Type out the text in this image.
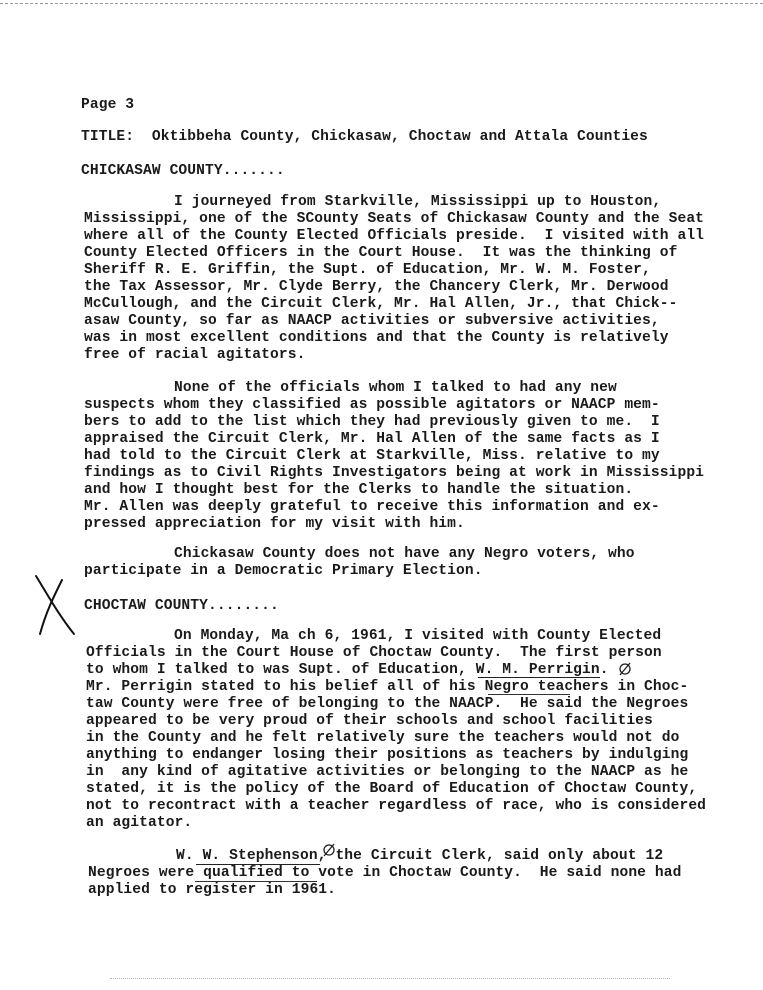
Page 3
TITLE:  Oktibbeha County, Chickasaw, Choctaw and Attala Counties
CHICKASAW COUNTY.......
I journeyed from Starkville, Mississippi up to Houston,
Mississippi, one of the SCounty Seats of Chickasaw County and the Seat
where all of the County Elected Officials preside.  I visited with all
County Elected Officers in the Court House.  It was the thinking of
Sheriff R. E. Griffin, the Supt. of Education, Mr. W. M. Foster,
the Tax Assessor, Mr. Clyde Berry, the Chancery Clerk, Mr. Derwood
McCullough, and the Circuit Clerk, Mr. Hal Allen, Jr., that Chick--
asaw County, so far as NAACP activities or subversive activities,
was in most excellent conditions and that the County is relatively
free of racial agitators.
None of the officials whom I talked to had any new
suspects whom they classified as possible agitators or NAACP mem-
bers to add to the list which they had previously given to me.  I
appraised the Circuit Clerk, Mr. Hal Allen of the same facts as I
had told to the Circuit Clerk at Starkville, Miss. relative to my
findings as to Civil Rights Investigators being at work in Mississippi
and how I thought best for the Clerks to handle the situation.
Mr. Allen was deeply grateful to receive this information and ex-
pressed appreciation for my visit with him.
Chickasaw County does not have any Negro voters, who
participate in a Democratic Primary Election.
CHOCTAW COUNTY........
On Monday, Ma ch 6, 1961, I visited with County Elected
Officials in the Court House of Choctaw County.  The first person
to whom I talked to was Supt. of Education, W. M. Perrigin.
Mr. Perrigin stated to his belief all of his Negro teachers in Choc-
taw County were free of belonging to the NAACP.  He said the Negroes
appeared to be very proud of their schools and school facilities
in the County and he felt relatively sure the teachers would not do
anything to endanger losing their positions as teachers by indulging
in  any kind of agitative activities or belonging to the NAACP as he
stated, it is the policy of the Board of Education of Choctaw County,
not to recontract with a teacher regardless of race, who is considered
an agitator.
W. W. Stephenson, the Circuit Clerk, said only about 12
Negroes were qualified to vote in Choctaw County.  He said none had
applied to register in 1961.
